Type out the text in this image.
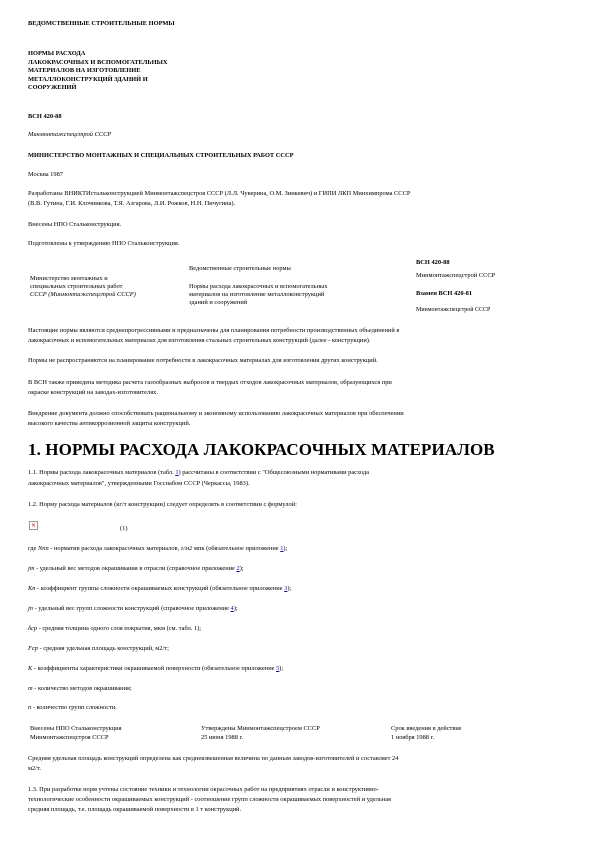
ВЕДОМСТВЕННЫЕ СТРОИТЕЛЬНЫЕ НОРМЫ
НОРМЫ РАСХОДА
ЛАКОКРАСОЧНЫХ И ВСПОМОГАТЕЛЬНЫХ
МАТЕРИАЛОВ НА ИЗГОТОВЛЕНИЕ
МЕТАЛЛОКОНСТРУКЦИЙ ЗДАНИЙ И
СООРУЖЕНИЙ
ВСН 420-88
Минмонтажспецстрой СССР
МИНИСТЕРСТВО МОНТАЖНЫХ И СПЕЦИАЛЬНЫХ СТРОИТЕЛЬНЫХ РАБОТ СССР
Москва 1987
Разработаны ВНИКТИстальконструкцией Минмонтажспецстроя СССР (Л.Л. Чуверина, О.М. Зинкевич) и ГИПИ ЛКП Минхимпрома СССР
(В.В. Гутина, Г.И. Клочникова, Т.Я. Азгарова, Л.И. Рожков, Н.Н. Пичугина).
Внесены НПО Стальконструкция.
Подготовлены к утверждению НПО Стальконструкция.
Министерство монтажных и
специальных строительных работ
СССР (Минмонтажспецстрой СССР)
Ведомственные строительные нормы
Нормы расхода лакокрасочных и вспомогательных
материалов на изготовление металлоконструкций
зданий и сооружений
ВСН 420-88
Минмонтажспецстрой СССР
Взамен ВСН 420-81
Минмонтажспецстрой СССР
Настоящие нормы являются среднепрогрессивными и предназначены для планирования потребности производственных объединений в
лакокрасочных и вспомогательных материалах для изготовления стальных строительных конструкций (далее - конструкции).
Нормы не распространяются на планирование потребности в лакокрасочных материалах для изготовления других конструкций.
В ВСН также приведена методика расчета газообразных выбросов и твердых отходов лакокрасочных материалов, образующихся при
окраске конструкций на заводах-изготовителях.
Внедрение документа должно способствовать рациональному и экономному использованию лакокрасочных материалов при обеспечении
высокого качества антикоррозионной защиты конструкций.
1. НОРМЫ РАСХОДА ЛАКОКРАСОЧНЫХ МАТЕРИАЛОВ
1.1. Нормы расхода лакокрасочных материалов (табл. 1) рассчитаны в соответствии с "Общесоюзными нормативами расхода
лакокрасочных материалов", утвержденными Госснабом СССР (Черкассы, 1983).
1.2. Норму расхода материалов (кг/т конструкции) следует определять в соответствии с формулой:
×	(1)
где Nпп - норматив расхода лакокрасочных материалов, г/м2 мпк (обязательное приложение 1);
jm - удельный вес методов окрашивания в отрасли (справочное приложение 2);
Кп - коэффициент группы сложности окрашиваемых конструкций (обязательное приложение 3);
jп - удельный вес групп сложности конструкций (справочное приложение 4);
δср - средняя толщина одного слоя покрытия, мкм (см. табл. 1);
Fср - средняя удельная площадь конструкций, м2/т;
К - коэффициенты характеристики окрашиваемой поверхности (обязательное приложение 5);
m - количество методов окрашивания;
n - количество групп сложности.
Внесены НПО Стальконструкция
Минмонтажспецстроя СССР
Утверждены Минмонтажспецстроем СССР
25 июня 1988 г.
Срок введения в действие
1 ноября 1988 г.
Средняя удельная площадь конструкций определена как средневзвешенная величина по данным заводов-изготовителей и составляет 24
м2/т.
1.3. При разработке норм учтены состояние техники и технологии окрасочных работ на предприятиях отрасли и конструктивно-
технологические особенности окрашиваемых конструкций - соотношение групп сложности окрашиваемых поверхностей и удельная
средняя площадь, т.е. площадь окрашиваемой поверхности в 1 т конструкций.
